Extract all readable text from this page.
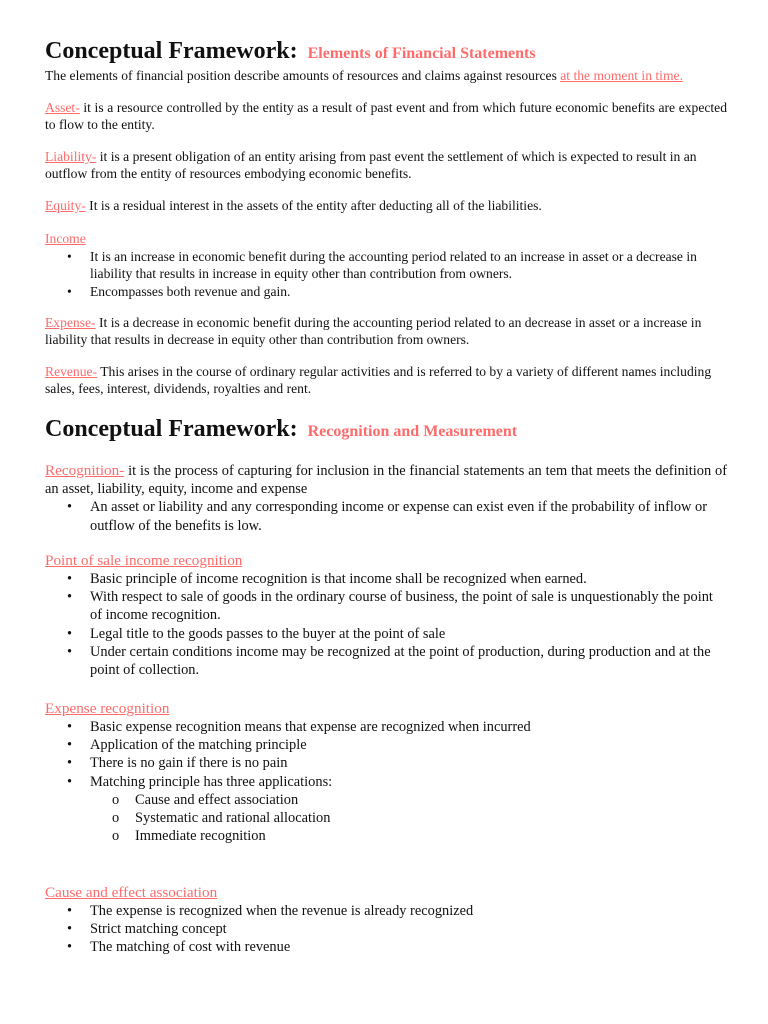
Conceptual Framework: Elements of Financial Statements
The elements of financial position describe amounts of resources and claims against resources at the moment in time.
Asset- it is a resource controlled by the entity as a result of past event and from which future economic benefits are expected to flow to the entity.
Liability- it is a present obligation of an entity arising from past event the settlement of which is expected to result in an outflow from the entity of resources embodying economic benefits.
Equity- It is a residual interest in the assets of the entity after deducting all of the liabilities.
Income
• It is an increase in economic benefit during the accounting period related to an increase in asset or a decrease in liability that results in increase in equity other than contribution from owners.
• Encompasses both revenue and gain.
Expense- It is a decrease in economic benefit during the accounting period related to an decrease in asset or a increase in liability that results in decrease in equity other than contribution from owners.
Revenue- This arises in the course of ordinary regular activities and is referred to by a variety of different names including sales, fees, interest, dividends, royalties and rent.
Conceptual Framework: Recognition and Measurement
Recognition- it is the process of capturing for inclusion in the financial statements an tem that meets the definition of an asset, liability, equity, income and expense
• An asset or liability and any corresponding income or expense can exist even if the probability of inflow or outflow of the benefits is low.
Point of sale income recognition
• Basic principle of income recognition is that income shall be recognized when earned.
• With respect to sale of goods in the ordinary course of business, the point of sale is unquestionably the point of income recognition.
• Legal title to the goods passes to the buyer at the point of sale
• Under certain conditions income may be recognized at the point of production, during production and at the point of collection.
Expense recognition
• Basic expense recognition means that expense are recognized when incurred
• Application of the matching principle
• There is no gain if there is no pain
• Matching principle has three applications:
o Cause and effect association
o Systematic and rational allocation
o Immediate recognition
Cause and effect association
• The expense is recognized when the revenue is already recognized
• Strict matching concept
• The matching of cost with revenue
